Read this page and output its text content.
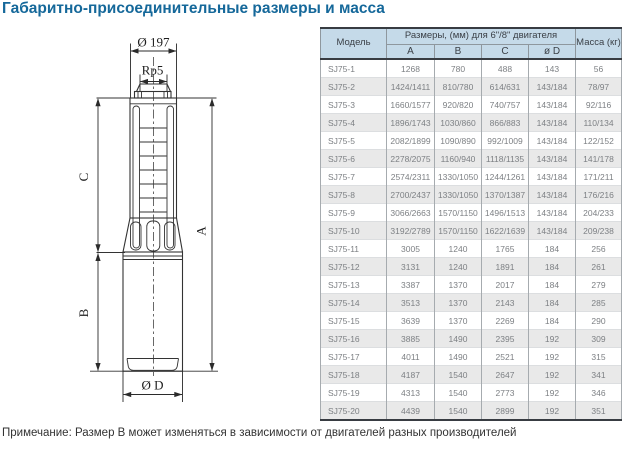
Габаритно-присоединительные размеры и масса
Ø 197
Rp5
C
B
A
Ø D
Модель	Размеры, (мм) для 6"/8" двигателя				Масса (кг)
	A	B	C	ø D	
SJ75-1	1268	780	488	143	56
SJ75-2	1424/1411	810/780	614/631	143/184	78/97
SJ75-3	1660/1577	920/820	740/757	143/184	92/116
SJ75-4	1896/1743	1030/860	866/883	143/184	110/134
SJ75-5	2082/1899	1090/890	992/1009	143/184	122/152
SJ75-6	2278/2075	1160/940	1118/1135	143/184	141/178
SJ75-7	2574/2311	1330/1050	1244/1261	143/184	171/211
SJ75-8	2700/2437	1330/1050	1370/1387	143/184	176/216
SJ75-9	3066/2663	1570/1150	1496/1513	143/184	204/233
SJ75-10	3192/2789	1570/1150	1622/1639	143/184	209/238
SJ75-11	3005	1240	1765	184	256
SJ75-12	3131	1240	1891	184	261
SJ75-13	3387	1370	2017	184	279
SJ75-14	3513	1370	2143	184	285
SJ75-15	3639	1370	2269	184	290
SJ75-16	3885	1490	2395	192	309
SJ75-17	4011	1490	2521	192	315
SJ75-18	4187	1540	2647	192	341
SJ75-19	4313	1540	2773	192	346
SJ75-20	4439	1540	2899	192	351

Примечание: Размер В может изменяться в зависимости от двигателей разных производителей
